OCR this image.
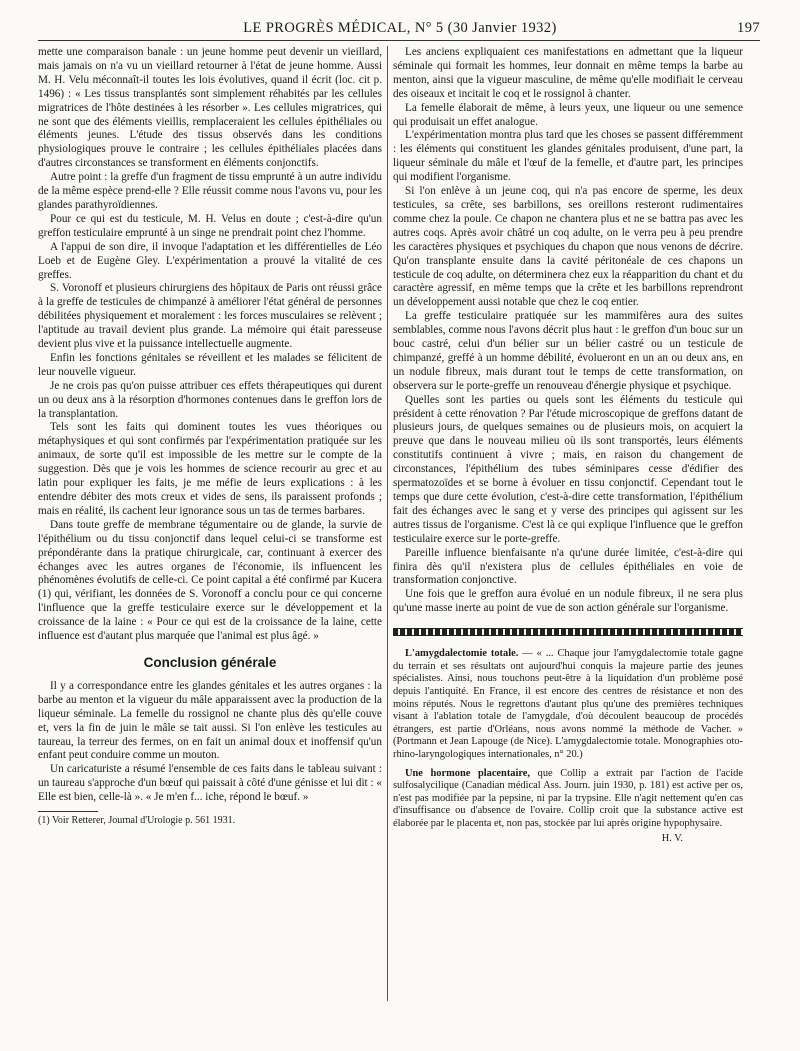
LE PROGRÈS MÉDICAL, N° 5 (30 Janvier 1932)	197

mette une comparaison banale : un jeune homme peut devenir un vieillard, mais jamais on n'a vu un vieillard retourner à l'état de jeune homme. Aussi M. H. Velu méconnaît-il toutes les lois évolutives, quand il écrit (loc. cit p. 1496) : « Les tissus transplantés sont simplement réhabités par les cellules migratrices de l'hôte destinées à les résorber ». Les cellules migratrices, qui ne sont que des éléments vieillis, remplaceraient les cellules épithéliales ou éléments jeunes. L'étude des tissus observés dans les conditions physiologiques prouve le contraire ; les cellules épithéliales placées dans d'autres circonstances se transforment en éléments conjonctifs.

Autre point : la greffe d'un fragment de tissu emprunté à un autre individu de la même espèce prend-elle ? Elle réussit comme nous l'avons vu, pour les glandes parathyroïdiennes.

Pour ce qui est du testicule, M. H. Velus en doute ; c'est-à-dire qu'un greffon testiculaire emprunté à un singe ne prendrait point chez l'homme.

A l'appui de son dire, il invoque l'adaptation et les différentielles de Léo Loeb et de Eugène Gley. L'expérimentation a prouvé la vitalité de ces greffes.

S. Voronoff et plusieurs chirurgiens des hôpitaux de Paris ont réussi grâce à la greffe de testicules de chimpanzé à améliorer l'état général de personnes débilitées physiquement et moralement : les forces musculaires se relèvent ; l'aptitude au travail devient plus grande. La mémoire qui était paresseuse devient plus vive et la puissance intellectuelle augmente.

Enfin les fonctions génitales se réveillent et les malades se félicitent de leur nouvelle vigueur.

Je ne crois pas qu'on puisse attribuer ces effets thérapeutiques qui durent un ou deux ans à la résorption d'hormones contenues dans le greffon lors de la transplantation.

Tels sont les faits qui dominent toutes les vues théoriques ou métaphysiques et qui sont confirmés par l'expérimentation pratiquée sur les animaux, de sorte qu'il est impossible de les mettre sur le compte de la suggestion. Dès que je vois les hommes de science recourir au grec et au latin pour expliquer les faits, je me méfie de leurs explications : à les entendre débiter des mots creux et vides de sens, ils paraissent profonds ; mais en réalité, ils cachent leur ignorance sous un tas de termes barbares.

Dans toute greffe de membrane tégumentaire ou de glande, la survie de l'épithélium ou du tissu conjonctif dans lequel celui-ci se transforme est prépondérante dans la pratique chirurgicale, car, continuant à exercer des échanges avec les autres organes de l'économie, ils influencent les phénomènes évolutifs de celle-ci. Ce point capital a été confirmé par Kucera (1) qui, vérifiant, les données de S. Voronoff a conclu pour ce qui concerne l'influence que la greffe testiculaire exerce sur le développement et la croissance de la laine : « Pour ce qui est de la croissance de la laine, cette influence est d'autant plus marquée que l'animal est plus âgé. »

Conclusion générale

Il y a correspondance entre les glandes génitales et les autres organes : la barbe au menton et la vigueur du mâle apparaissent avec la production de la liqueur séminale. La femelle du rossignol ne chante plus dès qu'elle couve et, vers la fin de juin le mâle se tait aussi. Si l'on enlève les testicules au taureau, la terreur des fermes, on en fait un animal doux et inoffensif qu'un enfant peut conduire comme un mouton.

Un caricaturiste a résumé l'ensemble de ces faits dans le tableau suivant : un taureau s'approche d'un bœuf qui paissait à côté d'une génisse et lui dit : « Elle est bien, celle-là ». « Je m'en f... iche, répond le bœuf. »

(1) Voir Retterer, Journal d'Urologie p. 561 1931.

Les anciens expliquaient ces manifestations en admettant que la liqueur séminale qui formait les hommes, leur donnait en même temps la barbe au menton, ainsi que la vigueur masculine, de même qu'elle modifiait le cerveau des oiseaux et incitait le coq et le rossignol à chanter.

La femelle élaborait de même, à leurs yeux, une liqueur ou une semence qui produisait un effet analogue.

L'expérimentation montra plus tard que les choses se passent différemment : les éléments qui constituent les glandes génitales produisent, d'une part, la liqueur séminale du mâle et l'œuf de la femelle, et d'autre part, les principes qui modifient l'organisme.

Si l'on enlève à un jeune coq, qui n'a pas encore de sperme, les deux testicules, sa crête, ses barbillons, ses oreillons resteront rudimentaires comme chez la poule. Ce chapon ne chantera plus et ne se battra pas avec les autres coqs. Après avoir châtré un coq adulte, on le verra peu à peu prendre les caractères physiques et psychiques du chapon que nous venons de décrire. Qu'on transplante ensuite dans la cavité péritonéale de ces chapons un testicule de coq adulte, on déterminera chez eux la réapparition du chant et du caractère agressif, en même temps que la crête et les barbillons reprendront un développement aussi notable que chez le coq entier.

La greffe testiculaire pratiquée sur les mammifères aura des suites semblables, comme nous l'avons décrit plus haut : le greffon d'un bouc sur un bouc castré, celui d'un bélier sur un bélier castré ou un testicule de chimpanzé, greffé à un homme débilité, évolueront en un an ou deux ans, en un nodule fibreux, mais durant tout le temps de cette transformation, on observera sur le porte-greffe un renouveau d'énergie physique et psychique.

Quelles sont les parties ou quels sont les éléments du testicule qui président à cette rénovation ? Par l'étude microscopique de greffons datant de plusieurs jours, de quelques semaines ou de plusieurs mois, on acquiert la preuve que dans le nouveau milieu où ils sont transportés, leurs éléments constitutifs continuent à vivre ; mais, en raison du changement de circonstances, l'épithélium des tubes séminipares cesse d'édifier des spermatozoïdes et se borne à évoluer en tissu conjonctif. Cependant tout le temps que dure cette évolution, c'est-à-dire cette transformation, l'épithélium fait des échanges avec le sang et y verse des principes qui agissent sur les autres tissus de l'organisme. C'est là ce qui explique l'influence que le greffon testiculaire exerce sur le porte-greffe.

Pareille influence bienfaisante n'a qu'une durée limitée, c'est-à-dire qui finira dès qu'il n'existera plus de cellules épithéliales en voie de transformation conjonctive.

Une fois que le greffon aura évolué en un nodule fibreux, il ne sera plus qu'une masse inerte au point de vue de son action générale sur l'organisme.

L'amygdalectomie totale. — « ... Chaque jour l'amygdalectomie totale gagne du terrain et ses résultats ont aujourd'hui conquis la majeure partie des jeunes spécialistes. Ainsi, nous touchons peut-être à la liquidation d'un problème posé depuis l'antiquité. En France, il est encore des centres de résistance et non des moins réputés. Nous le regrettons d'autant plus qu'une des premières techniques visant à l'ablation totale de l'amygdale, d'où découlent beaucoup de procédés étrangers, est partie d'Orléans, nous avons nommé la méthode de Vacher. » (Portmann et Jean Lapouge (de Nice). L'amygdalectomie totale. Monographies oto-rhino-laryngologiques internationales, n° 20.)

Une hormone placentaire, que Collip a extrait par l'action de l'acide sulfosalycilique (Canadian médical Ass. Journ. juin 1930, p. 181) est active per os, n'est pas modifiée par la pepsine, ni par la trypsine. Elle n'agit nettement qu'en cas d'insuffisance ou d'absence de l'ovaire. Collip croit que la substance active est élaborée par le placenta et, non pas, stockée par lui après origine hypophysaire.

H. V.
